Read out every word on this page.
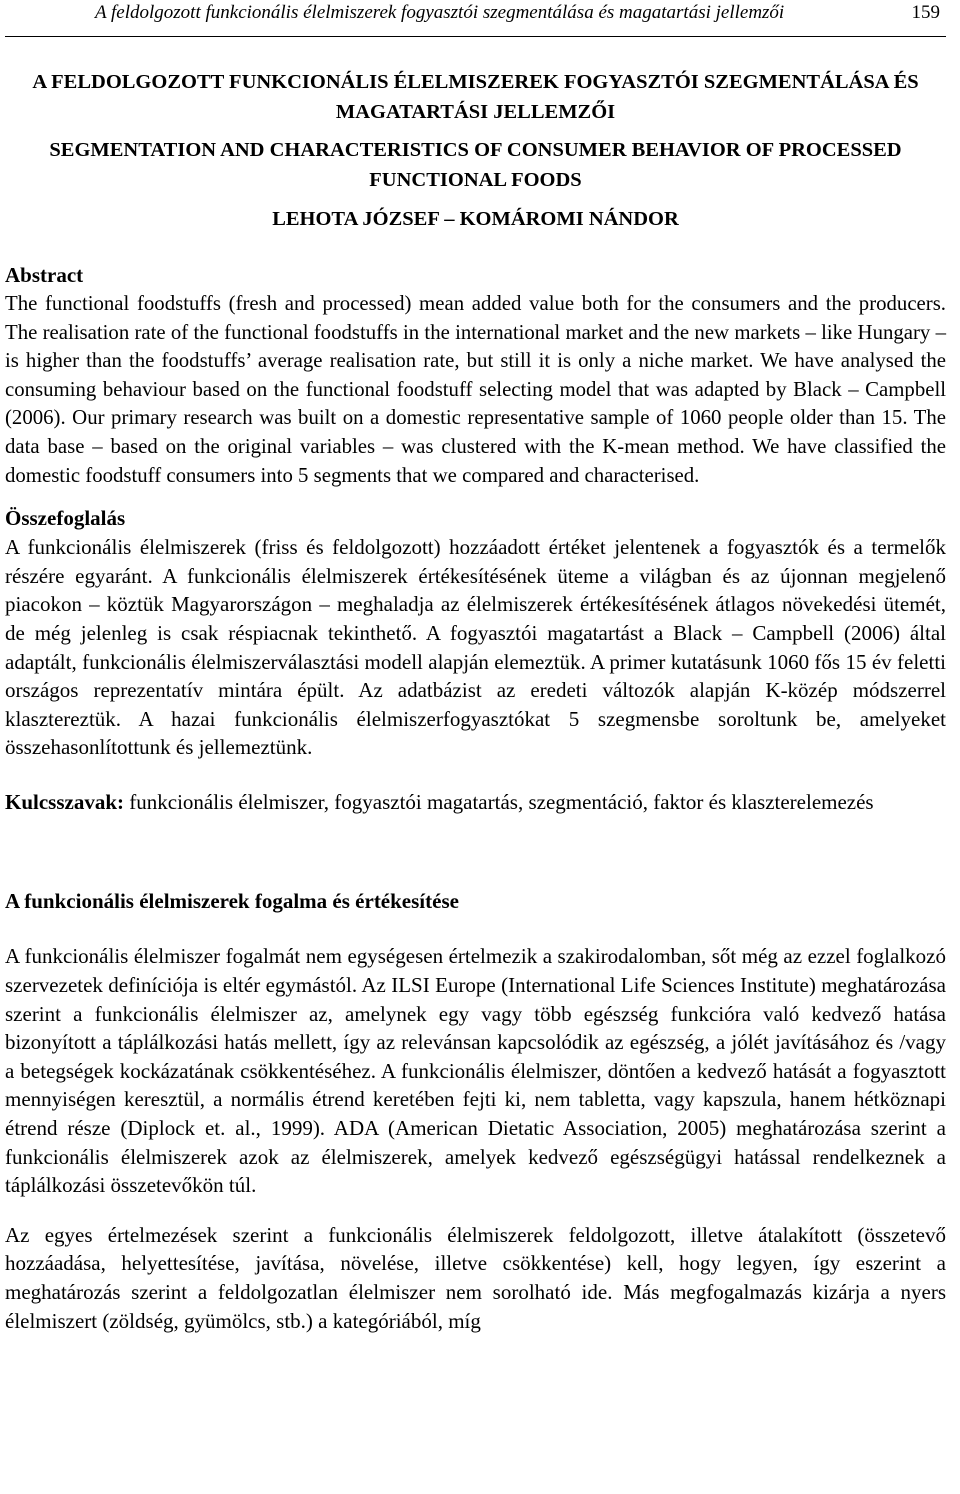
A feldolgozott funkcionális élelmiszerek fogyasztói szegmentálása és magatartási jellemzői	159
A FELDOLGOZOTT FUNKCIONÁLIS ÉLELMISZEREK FOGYASZTÓI SZEGMENTÁLÁSA ÉS MAGATARTÁSI JELLEMZŐI
SEGMENTATION AND CHARACTERISTICS OF CONSUMER BEHAVIOR OF PROCESSED FUNCTIONAL FOODS
LEHOTA JÓZSEF – KOMÁROMI NÁNDOR
Abstract

The functional foodstuffs (fresh and processed) mean added value both for the consumers and the producers. The realisation rate of the functional foodstuffs in the international market and the new markets – like Hungary – is higher than the foodstuffs’ average realisation rate, but still it is only a niche market. We have analysed the consuming behaviour based on the functional foodstuff selecting model that was adapted by Black – Campbell (2006). Our primary research was built on a domestic representative sample of 1060 people older than 15. The data base – based on the original variables – was clustered with the K-mean method. We have classified the domestic foodstuff consumers into 5 segments that we compared and characterised.

Összefoglalás

A funkcionális élelmiszerek (friss és feldolgozott) hozzáadott értéket jelentenek a fogyasztók és a termelők részére egyaránt. A funkcionális élelmiszerek értékesítésének üteme a világban és az újonnan megjelenő piacokon – köztük Magyarországon – meghaladja az élelmiszerek értékesítésének átlagos növekedési ütemét, de még jelenleg is csak réspiacnak tekinthető. A fogyasztói magatartást a Black – Campbell (2006) által adaptált, funkcionális élelmiszerválasztási modell alapján elemeztük. A primer kutatásunk 1060 fős 15 év feletti országos reprezentatív mintára épült. Az adatbázist az eredeti változók alapján K-közép módszerrel klasztereztük. A hazai funkcionális élelmiszerfogyasztókat 5 szegmensbe soroltunk be, amelyeket összehasonlítottunk és jellemeztünk.

Kulcsszavak: funkcionális élelmiszer, fogyasztói magatartás, szegmentáció, faktor és klaszterelemezés

A funkcionális élelmiszerek fogalma és értékesítése

A funkcionális élelmiszer fogalmát nem egységesen értelmezik a szakirodalomban, sőt még az ezzel foglalkozó szervezetek definíciója is eltér egymástól. Az ILSI Europe (International Life Sciences Institute) meghatározása szerint a funkcionális élelmiszer az, amelynek egy vagy több egészség funkcióra való kedvező hatása bizonyított a táplálkozási hatás mellett, így az relevánsan kapcsolódik az egészség, a jólét javításához és /vagy a betegségek kockázatának csökkentéséhez. A funkcionális élelmiszer, döntően a kedvező hatását a fogyasztott mennyiségen keresztül, a normális étrend keretében fejti ki, nem tabletta, vagy kapszula, hanem hétköznapi étrend része (Diplock et. al., 1999). ADA (American Dietatic Association, 2005) meghatározása szerint a funkcionális élelmiszerek azok az élelmiszerek, amelyek kedvező egészségügyi hatással rendelkeznek a táplálkozási összetevőkön túl.

Az egyes értelmezések szerint a funkcionális élelmiszerek feldolgozott, illetve átalakított (összetevő hozzáadása, helyettesítése, javítása, növelése, illetve csökkentése) kell, hogy legyen, így eszerint a meghatározás szerint a feldolgozatlan élelmiszer nem sorolható ide. Más megfogalmazás kizárja a nyers élelmiszert (zöldség, gyümölcs, stb.) a kategóriából, míg
